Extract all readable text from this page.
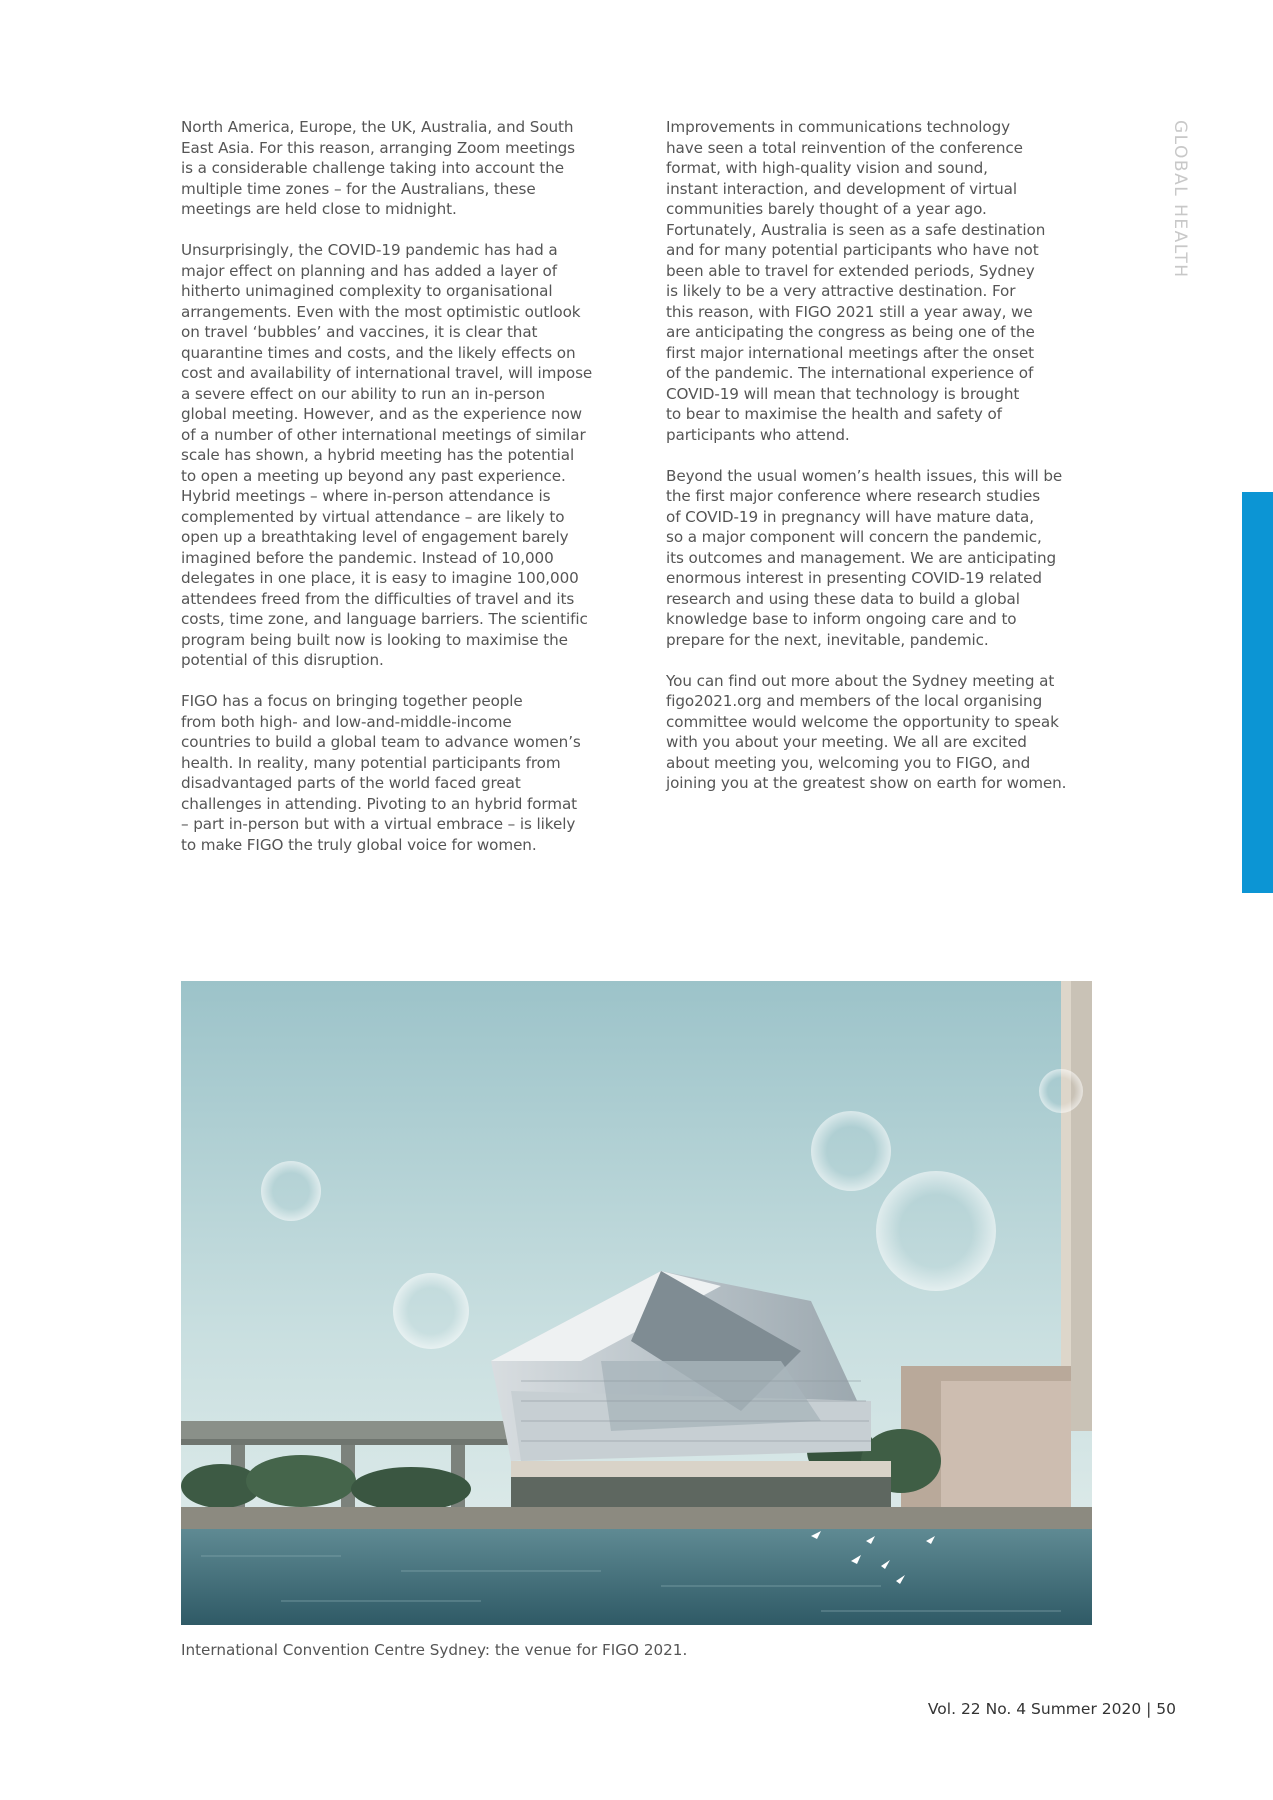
GLOBAL HEALTH

North America, Europe, the UK, Australia, and South
East Asia. For this reason, arranging Zoom meetings
is a considerable challenge taking into account the
multiple time zones – for the Australians, these
meetings are held close to midnight.

Unsurprisingly, the COVID-19 pandemic has had a
major effect on planning and has added a layer of
hitherto unimagined complexity to organisational
arrangements. Even with the most optimistic outlook
on travel ‘bubbles’ and vaccines, it is clear that
quarantine times and costs, and the likely effects on
cost and availability of international travel, will impose
a severe effect on our ability to run an in-person
global meeting. However, and as the experience now
of a number of other international meetings of similar
scale has shown, a hybrid meeting has the potential
to open a meeting up beyond any past experience.
Hybrid meetings – where in-person attendance is
complemented by virtual attendance – are likely to
open up a breathtaking level of engagement barely
imagined before the pandemic. Instead of 10,000
delegates in one place, it is easy to imagine 100,000
attendees freed from the difficulties of travel and its
costs, time zone, and language barriers. The scientific
program being built now is looking to maximise the
potential of this disruption.

FIGO has a focus on bringing together people
from both high- and low-and-middle-income
countries to build a global team to advance women’s
health. In reality, many potential participants from
disadvantaged parts of the world faced great
challenges in attending. Pivoting to an hybrid format
– part in-person but with a virtual embrace – is likely
to make FIGO the truly global voice for women.

Improvements in communications technology
have seen a total reinvention of the conference
format, with high-quality vision and sound,
instant interaction, and development of virtual
communities barely thought of a year ago.
Fortunately, Australia is seen as a safe destination
and for many potential participants who have not
been able to travel for extended periods, Sydney
is likely to be a very attractive destination. For
this reason, with FIGO 2021 still a year away, we
are anticipating the congress as being one of the
first major international meetings after the onset
of the pandemic. The international experience of
COVID-19 will mean that technology is brought
to bear to maximise the health and safety of
participants who attend.

Beyond the usual women’s health issues, this will be
the first major conference where research studies
of COVID-19 in pregnancy will have mature data,
so a major component will concern the pandemic,
its outcomes and management. We are anticipating
enormous interest in presenting COVID-19 related
research and using these data to build a global
knowledge base to inform ongoing care and to
prepare for the next, inevitable, pandemic.

You can find out more about the Sydney meeting at
figo2021.org and members of the local organising
committee would welcome the opportunity to speak
with you about your meeting. We all are excited
about meeting you, welcoming you to FIGO, and
joining you at the greatest show on earth for women.

International Convention Centre Sydney: the venue for FIGO 2021.
Vol. 22 No. 4 Summer 2020 | 50
